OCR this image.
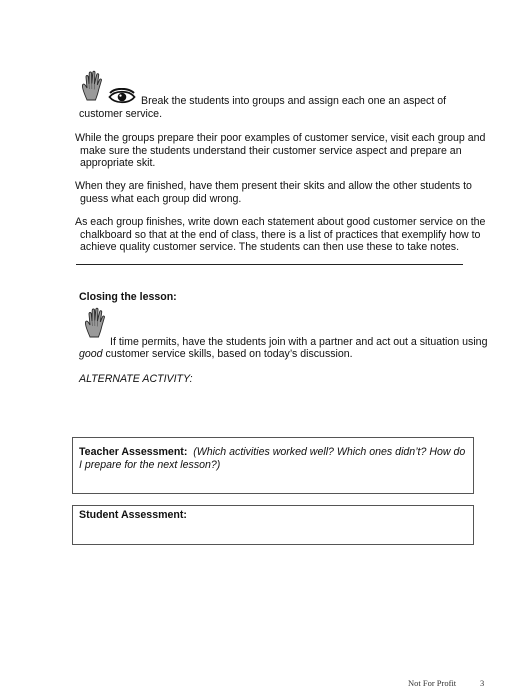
Break the students into groups and assign each one an aspect of

customer service.

While the groups prepare their poor examples of customer service, visit each group and make sure the students understand their customer service aspect and prepare an appropriate skit.

When they are finished, have them present their skits and allow the other students to guess what each group did wrong.

As each group finishes, write down each statement about good customer service on the chalkboard so that at the end of class, there is a list of practices that exemplify how to achieve quality customer service. The students can then use these to take notes.

Closing the lesson:

If time permits, have the students join with a partner and act out a situation using

good customer service skills, based on today’s discussion.

ALTERNATE ACTIVITY:

Teacher Assessment: (Which activities worked well? Which ones didn’t? How do I prepare for the next lesson?)

Student Assessment:

Not For Profit	3
